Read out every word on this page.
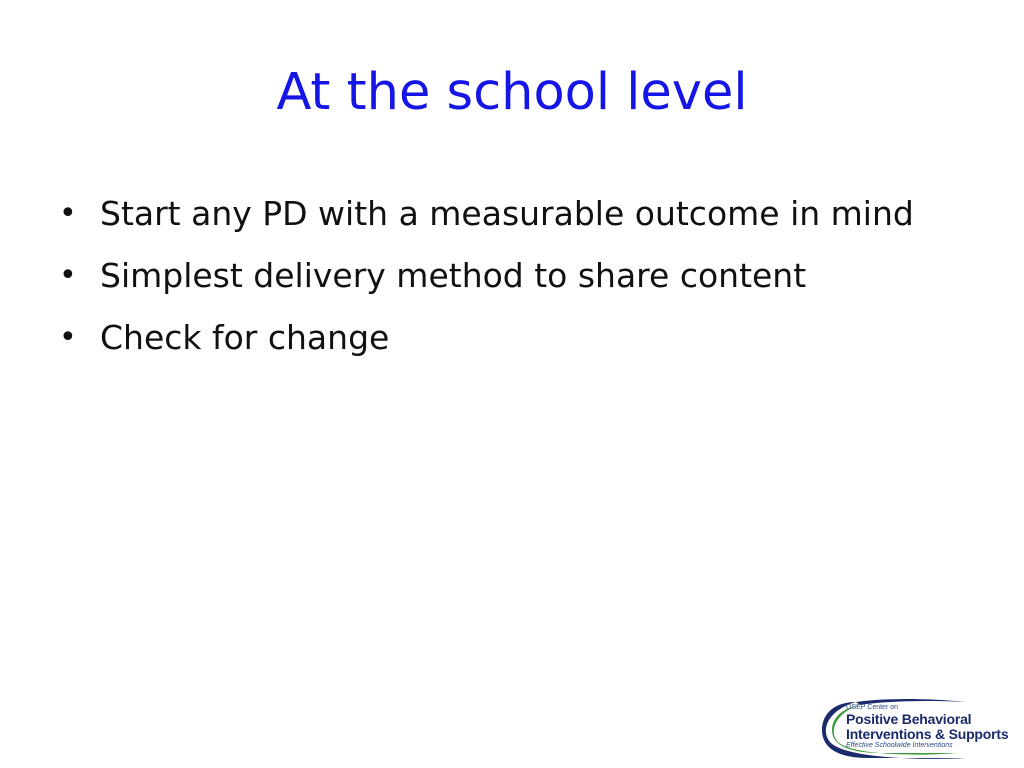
At the school level
• Start any PD with a measurable outcome in mind
• Simplest delivery method to share content
• Check for change
OSEP Center on
Positive Behavioral
Interventions & Supports
Effective Schoolwide Interventions
